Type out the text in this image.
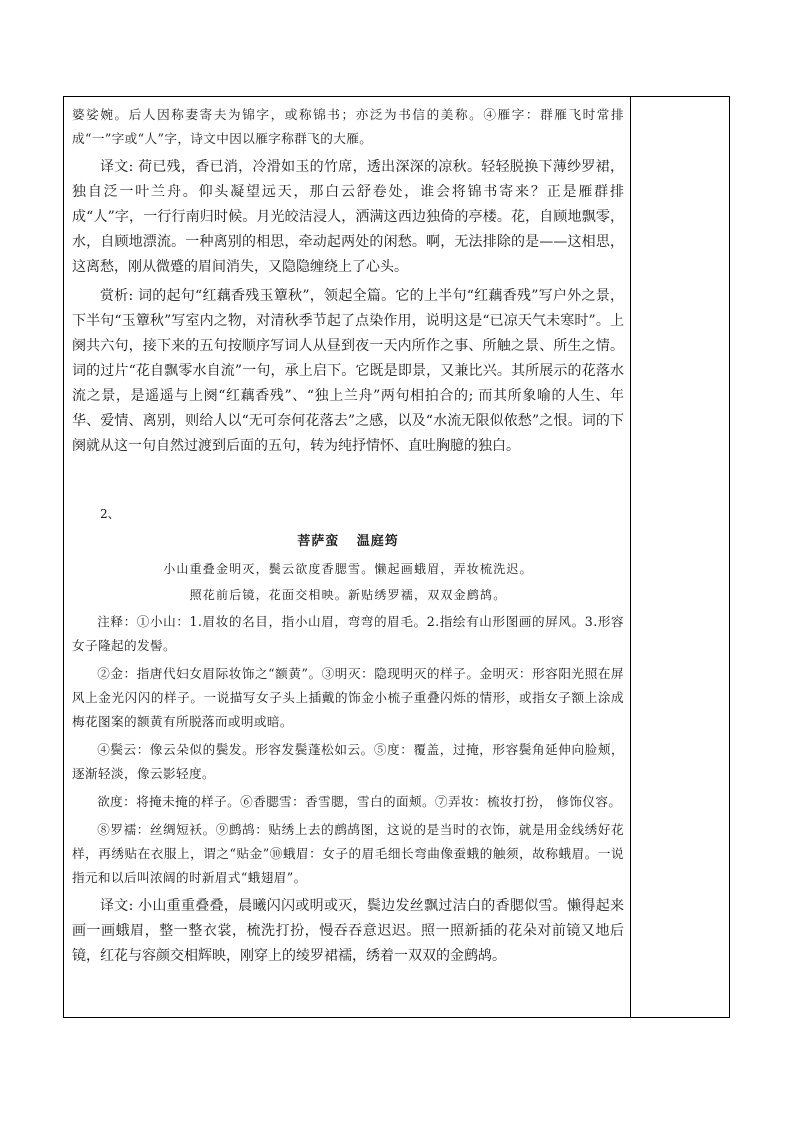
婆娑婉。后人因称妻寄夫为锦字，或称锦书；亦泛为书信的美称。④雁字：群雁飞时常排成“一”字或“人”字，诗文中因以雁字称群飞的大雁。

译文: 荷已残，香已消，冷滑如玉的竹席，透出深深的凉秋。轻轻脱换下薄纱罗裙，独自泛一叶兰舟。仰头凝望远天，那白云舒卷处，谁会将锦书寄来？正是雁群排成“人”字，一行行南归时候。月光皎洁浸人，洒满这西边独倚的亭楼。花，自顾地飘零，水，自顾地漂流。一种离别的相思，牵动起两处的闲愁。啊，无法排除的是——这相思，这离愁，刚从微蹙的眉间消失，又隐隐缠绕上了心头。

赏析: 词的起句“红藕香残玉簟秋”，领起全篇。它的上半句“红藕香残”写户外之景，下半句“玉簟秋”写室内之物，对清秋季节起了点染作用，说明这是“已凉天气未寒时”。上阕共六句，接下来的五句按顺序写词人从昼到夜一天内所作之事、所触之景、所生之情。词的过片“花自飘零水自流”一句，承上启下。它既是即景，又兼比兴。其所展示的花落水流之景，是遥遥与上阕“红藕香残”、“独上兰舟”两句相拍合的; 而其所象喻的人生、年华、爱情、离别，则给人以“无可奈何花落去”之感，以及“水流无限似侬愁”之恨。词的下阕就从这一句自然过渡到后面的五句，转为纯抒情怀、直吐胸臆的独白。

2、

菩萨蛮 温庭筠

小山重叠金明灭，鬓云欲度香腮雪。懒起画蛾眉，弄妆梳洗迟。

照花前后镜，花面交相映。新贴绣罗襦，双双金鹧鸪。

注释：①小山：1.眉妆的名目，指小山眉，弯弯的眉毛。2.指绘有山形图画的屏风。3.形容女子隆起的发髻。

②金：指唐代妇女眉际妆饰之“额黄”。③明灭：隐现明灭的样子。金明灭：形容阳光照在屏风上金光闪闪的样子。一说描写女子头上插戴的饰金小梳子重叠闪烁的情形，或指女子额上涂成梅花图案的额黄有所脱落而或明或暗。

④鬓云：像云朵似的鬓发。形容发鬓蓬松如云。⑤度：覆盖，过掩，形容鬓角延伸向脸颊，逐渐轻淡，像云影轻度。

欲度：将掩未掩的样子。⑥香腮雪：香雪腮，雪白的面颊。⑦弄妆：梳妆打扮， 修饰仪容。

⑧罗襦：丝绸短袄。⑨鹧鸪：贴绣上去的鹧鸪图，这说的是当时的衣饰，就是用金线绣好花样，再绣贴在衣服上，谓之“贴金”⑩蛾眉：女子的眉毛细长弯曲像蚕蛾的触须，故称蛾眉。一说指元和以后叫浓阔的时新眉式“蛾翅眉”。

译文: 小山重重叠叠，晨曦闪闪或明或灭，鬓边发丝飘过洁白的香腮似雪。懒得起来画一画蛾眉，整一整衣裳，梳洗打扮，慢吞吞意迟迟。照一照新插的花朵对前镜又地后镜，红花与容颜交相辉映，刚穿上的绫罗裙襦，绣着一双双的金鹧鸪。
